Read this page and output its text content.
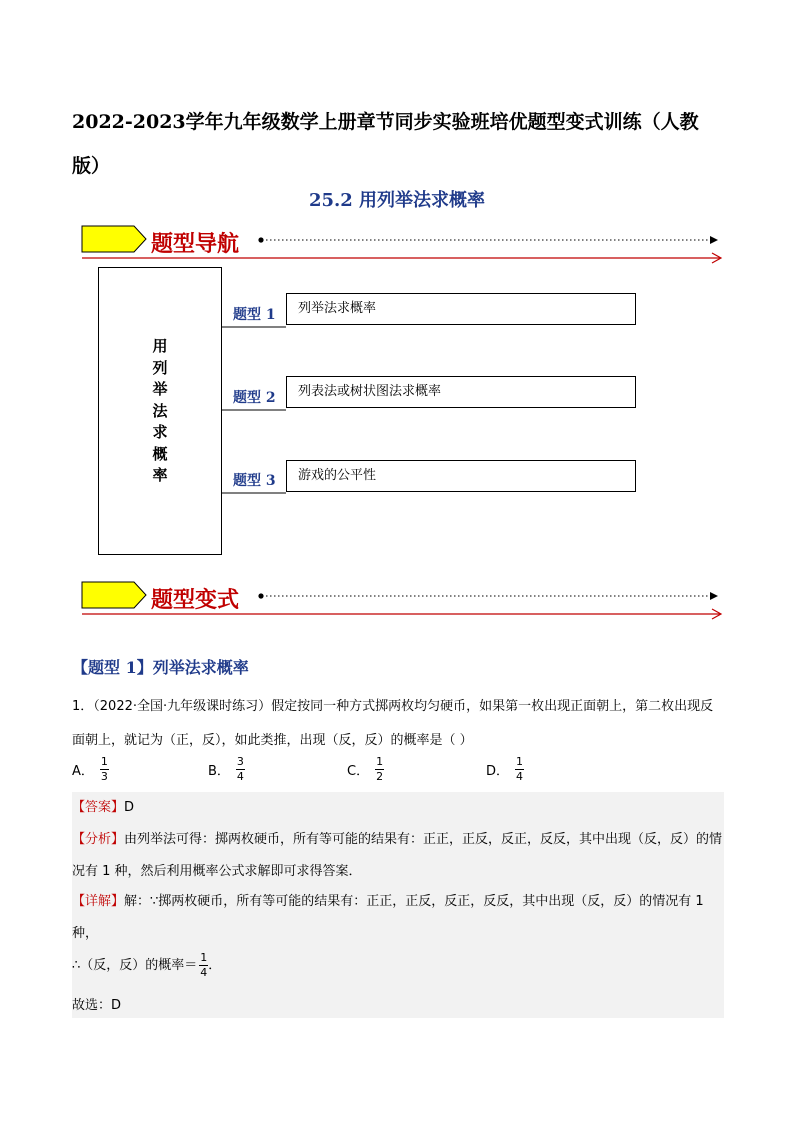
2022-2023学年九年级数学上册章节同步实验班培优题型变式训练（人教版）
25.2 用列举法求概率
题型导航
用
列
举
法
求
概
率
题型 1	列举法求概率
题型 2	列表法或树状图法求概率
题型 3	游戏的公平性
题型变式
【题型 1】列举法求概率
1．（2022·全国·九年级课时练习）假定按同一种方式掷两枚均匀硬币，如果第一枚出现正面朝上，第二枚出现反面朝上，就记为（正，反），如此类推，出现（反，反）的概率是（ ）
A． $\frac{1}{3}$	B． $\frac{3}{4}$	C． $\frac{1}{2}$	D． $\frac{1}{4}$
【答案】D
【分析】由列举法可得：掷两枚硬币，所有等可能的结果有：正正，正反，反正，反反，其中出现（反，反）的情况有 1 种，然后利用概率公式求解即可求得答案．
【详解】解：∵掷两枚硬币，所有等可能的结果有：正正，正反，反正，反反，其中出现（反，反）的情况有 1 种，
∴（反，反）的概率＝ $\frac{1}{4}$ ．
故选：D
